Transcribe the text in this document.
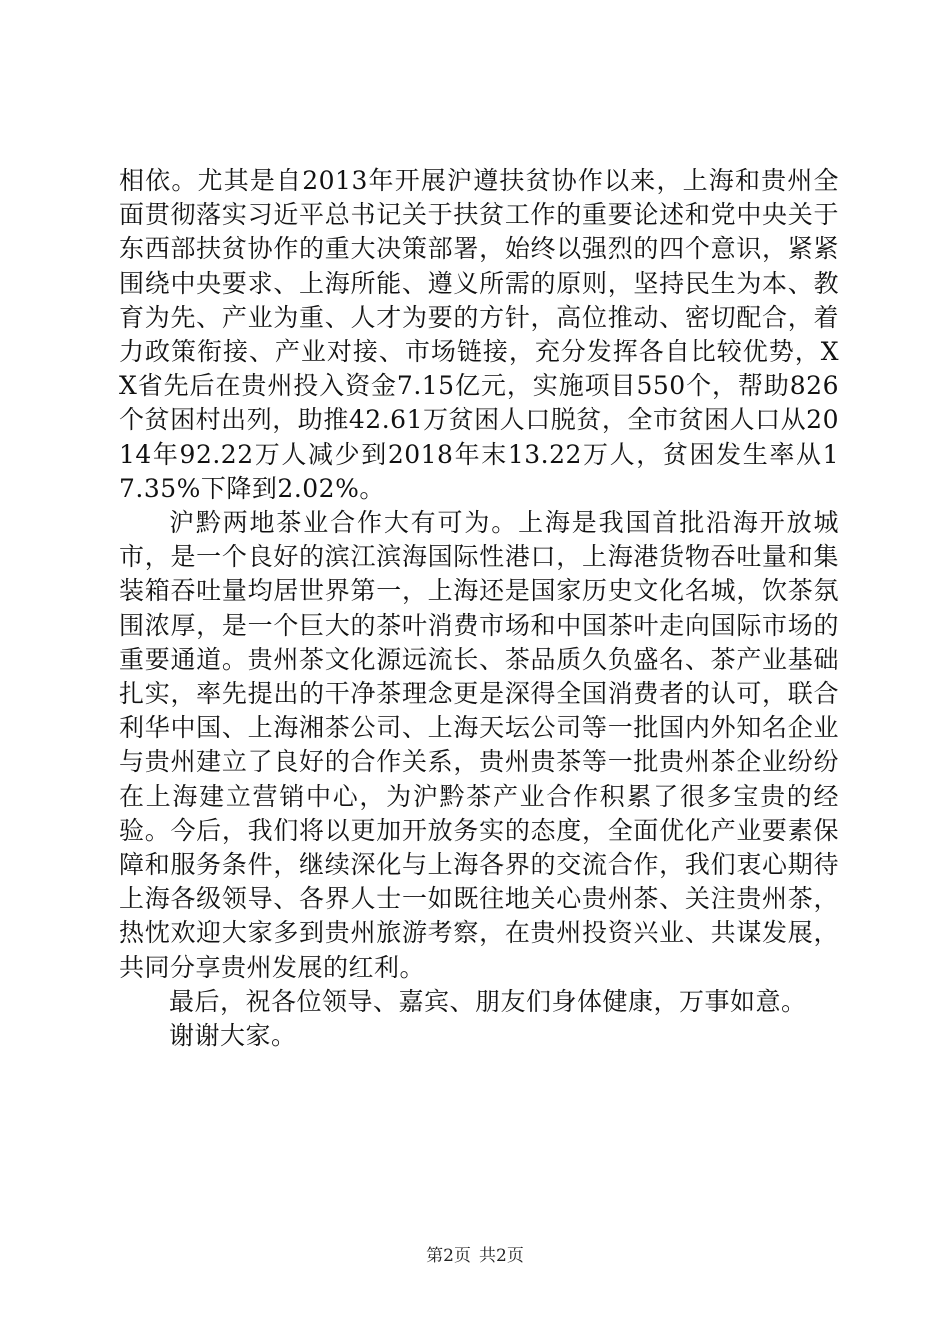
相依。尤其是自2013年开展沪遵扶贫协作以来，上海和贵州全面贯彻落实习近平总书记关于扶贫工作的重要论述和党中央关于东西部扶贫协作的重大决策部署，始终以强烈的四个意识，紧紧围绕中央要求、上海所能、遵义所需的原则，坚持民生为本、教育为先、产业为重、人才为要的方针，高位推动、密切配合，着力政策衔接、产业对接、市场链接，充分发挥各自比较优势，XX省先后在贵州投入资金7.15亿元，实施项目550个，帮助826个贫困村出列，助推42.61万贫困人口脱贫，全市贫困人口从2014年92.22万人减少到2018年末13.22万人，贫困发生率从17.35%下降到2.02%。

沪黔两地茶业合作大有可为。上海是我国首批沿海开放城市，是一个良好的滨江滨海国际性港口，上海港货物吞吐量和集装箱吞吐量均居世界第一，上海还是国家历史文化名城，饮茶氛围浓厚，是一个巨大的茶叶消费市场和中国茶叶走向国际市场的重要通道。贵州茶文化源远流长、茶品质久负盛名、茶产业基础扎实，率先提出的干净茶理念更是深得全国消费者的认可，联合利华中国、上海湘茶公司、上海天坛公司等一批国内外知名企业与贵州建立了良好的合作关系，贵州贵茶等一批贵州茶企业纷纷在上海建立营销中心，为沪黔茶产业合作积累了很多宝贵的经验。今后，我们将以更加开放务实的态度，全面优化产业要素保障和服务条件，继续深化与上海各界的交流合作，我们衷心期待上海各级领导、各界人士一如既往地关心贵州茶、关注贵州茶，热忱欢迎大家多到贵州旅游考察，在贵州投资兴业、共谋发展，共同分享贵州发展的红利。

最后，祝各位领导、嘉宾、朋友们身体健康，万事如意。

谢谢大家。

第2页 共2页
